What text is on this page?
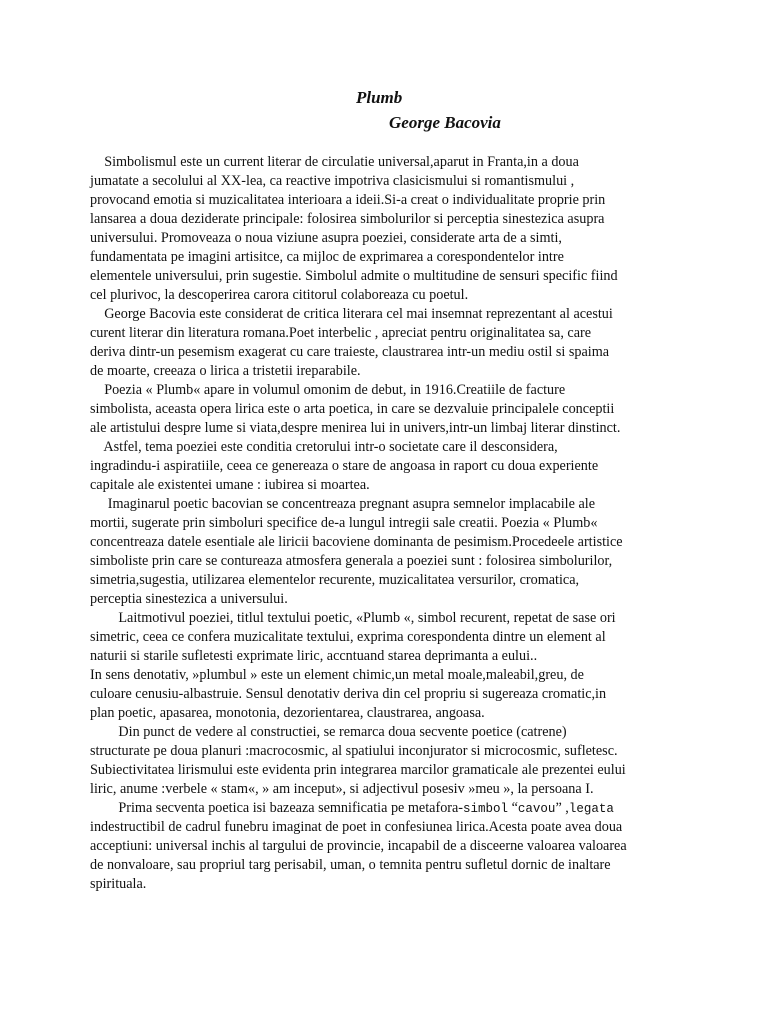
Plumb
George Bacovia
Simbolismul este un current literar de circulatie universal,aparut in Franta,in a doua
jumatate a secolului al XX-lea, ca reactive impotriva clasicismului si romantismului ,
provocand emotia si muzicalitatea interioara a ideii.Si-a creat o individualitate proprie prin
lansarea a doua deziderate principale: folosirea simbolurilor si perceptia sinestezica asupra
universului. Promoveaza o noua viziune asupra poeziei, considerate arta de a simti,
fundamentata pe imagini artisitce, ca mijloc de exprimarea a corespondentelor intre
elementele universului, prin sugestie. Simbolul admite o multitudine de sensuri specific fiind
cel plurivoc, la descoperirea carora cititorul colaboreaza cu poetul.
George Bacovia este considerat de critica literara cel mai insemnat reprezentant al acestui
curent literar din literatura romana.Poet interbelic , apreciat pentru originalitatea sa, care
deriva dintr-un pesemism exagerat cu care traieste, claustrarea intr-un mediu ostil si spaima
de moarte, creeaza o lirica a tristetii ireparabile.
Poezia « Plumb« apare in volumul omonim de debut, in 1916.Creatiile de facture
simbolista, aceasta opera lirica este o arta poetica, in care se dezvaluie principalele conceptii
ale artistului despre lume si viata,despre menirea lui in univers,intr-un limbaj literar dinstinct.
Astfel, tema poeziei este conditia cretorului intr-o societate care il desconsidera,
ingradindu-i aspiratiile, ceea ce genereaza o stare de angoasa in raport cu doua experiente
capitale ale existentei umane : iubirea si moartea.
Imaginarul poetic bacovian se concentreaza pregnant asupra semnelor implacabile ale
mortii, sugerate prin simboluri specifice de-a lungul intregii sale creatii. Poezia « Plumb«
concentreaza datele esentiale ale liricii bacoviene dominanta de pesimism.Procedeele artistice
simboliste prin care se contureaza atmosfera generala a poeziei sunt : folosirea simbolurilor,
simetria,sugestia, utilizarea elementelor recurente, muzicalitatea versurilor, cromatica,
perceptia sinestezica a universului.
Laitmotivul poeziei, titlul textului poetic, «Plumb «, simbol recurent, repetat de sase ori
simetric, ceea ce confera muzicalitate textului, exprima corespondenta dintre un element al
naturii si starile sufletesti exprimate liric, accntuand starea deprimanta a eului..
In sens denotativ, »plumbul » este un element chimic,un metal moale,maleabil,greu, de
culoare cenusiu-albastruie. Sensul denotativ deriva din cel propriu si sugereaza cromatic,in
plan poetic, apasarea, monotonia, dezorientarea, claustrarea, angoasa.
Din punct de vedere al constructiei, se remarca doua secvente poetice (catrene)
structurate pe doua planuri :macrocosmic, al spatiului inconjurator si microcosmic, sufletesc.
Subiectivitatea lirismului este evidenta prin integrarea marcilor gramaticale ale prezentei eului
liric, anume :verbele « stam«, » am inceput», si adjectivul posesiv »meu », la persoana I.
Prima secventa poetica isi bazeaza semnificatia pe metafora-simbol “cavou” ,legata
indestructibil de cadrul funebru imaginat de poet in confesiunea lirica.Acesta poate avea doua
acceptiuni: universal inchis al targului de provincie, incapabil de a disceerne valoarea valoarea
de nonvaloare, sau propriul targ perisabil, uman, o temnita pentru sufletul dornic de inaltare
spirituala.
